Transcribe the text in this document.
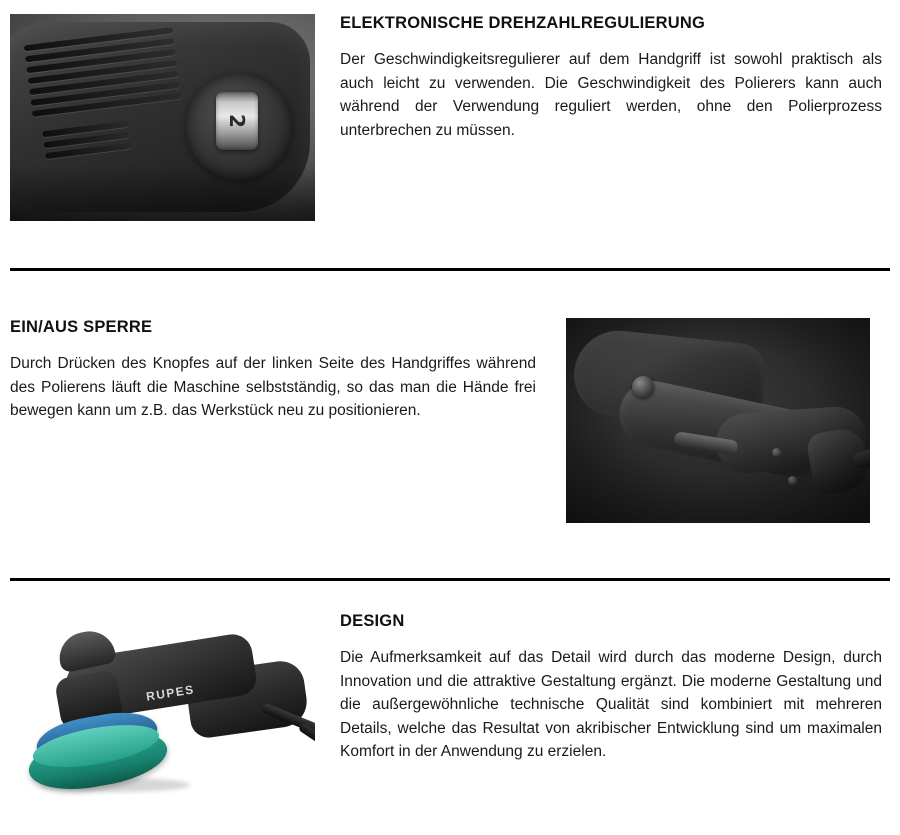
2
ELEKTRONISCHE DREHZAHLREGULIERUNG

Der Geschwindigkeitsregulierer auf dem Handgriff ist sowohl praktisch als auch leicht zu verwenden. Die Geschwindigkeit des Polierers kann auch während der Verwendung reguliert werden, ohne den Polierprozess unterbrechen zu müssen.

EIN/AUS SPERRE

Durch Drücken des Knopfes auf der linken Seite des Handgriffes während des Polierens läuft die Maschine selbstständig, so das man die Hände frei bewegen kann um z.B. das Werkstück neu zu positionieren.

RUPES
DESIGN

Die Aufmerksamkeit auf das Detail wird durch das moderne Design, durch Innovation und die attraktive Gestaltung ergänzt. Die moderne Gestaltung und die außergewöhnliche technische Qualität sind kombiniert mit mehreren Details, welche das Resultat von akribischer Entwicklung sind um maximalen Komfort in der Anwendung zu erzielen.
